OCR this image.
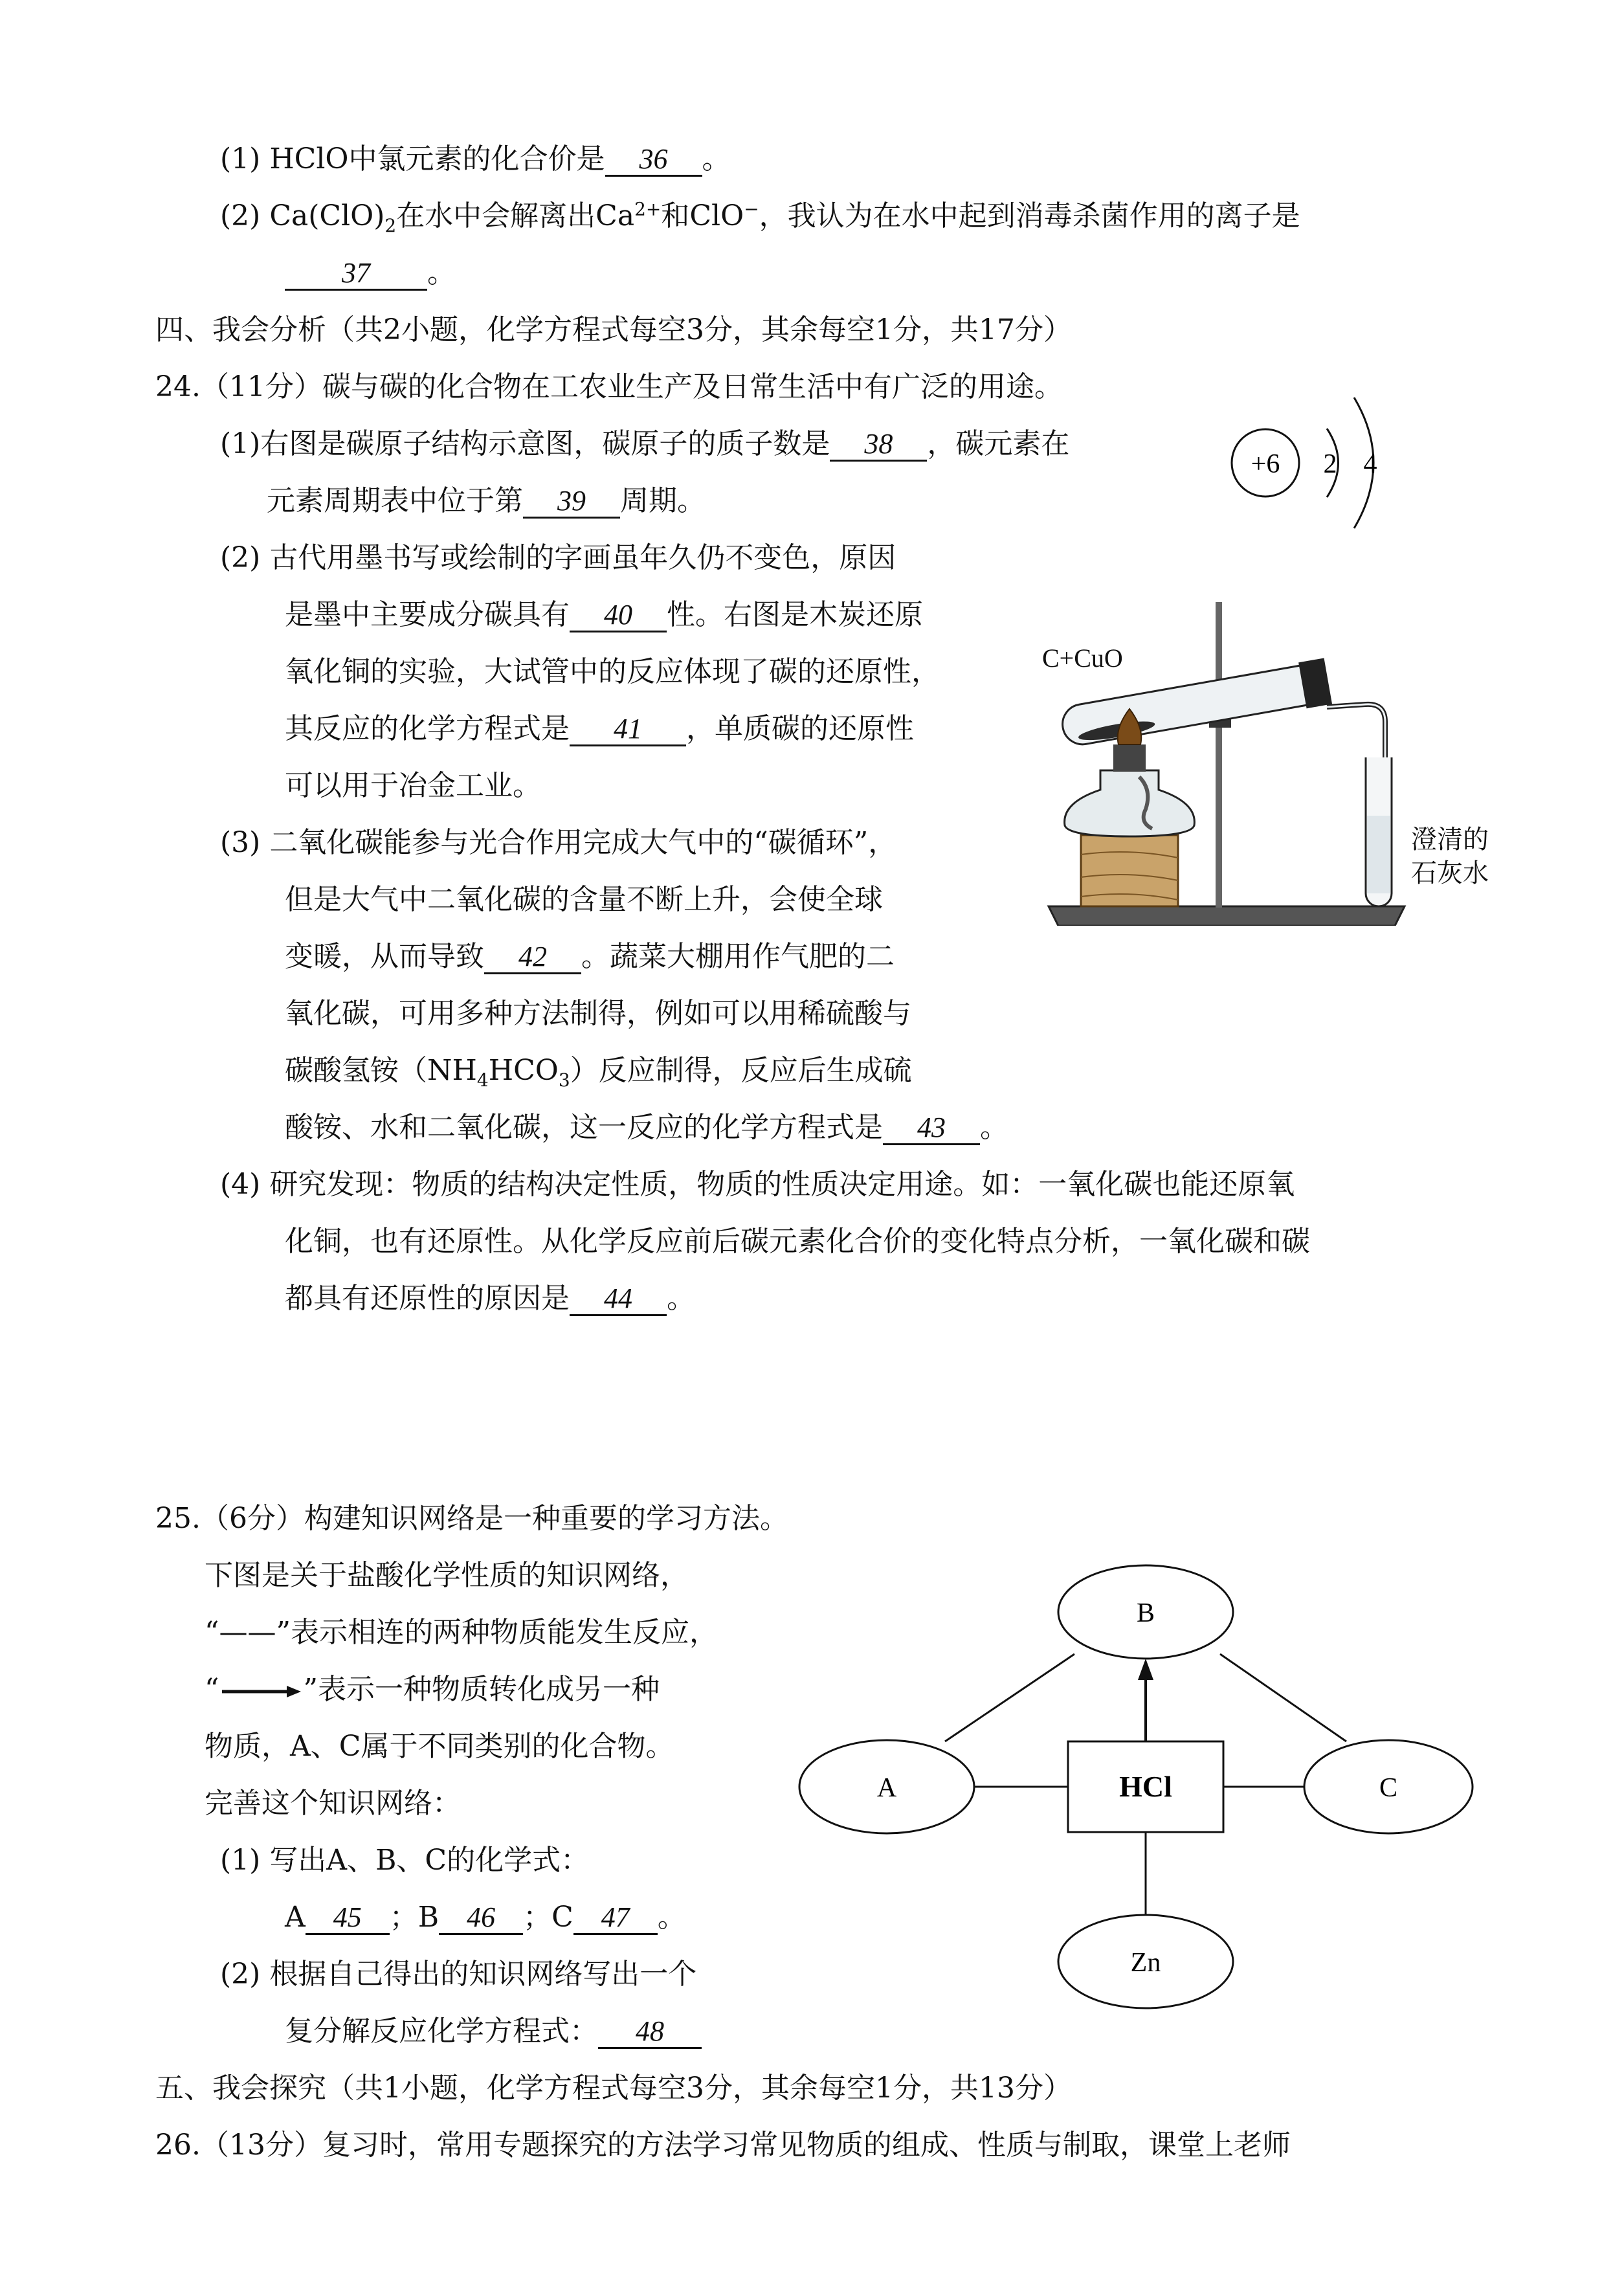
(1) HClO中氯元素的化合价是 36 。
(2) $Ca(ClO)_2$在水中会解离出$Ca^{2+}$和ClO−，我认为在水中起到消毒杀菌作用的离子是
37 。
四、我会分析（共2小题，化学方程式每空3分，其余每空1分，共17分）
24.（11分）碳与碳的化合物在工农业生产及日常生活中有广泛的用途。
(1)右图是碳原子结构示意图，碳原子的质子数是 38 ，碳元素在
元素周期表中位于第 39 周期。
+6 2 4
(2) 古代用墨书写或绘制的字画虽年久仍不变色，原因
是墨中主要成分碳具有 40 性。右图是木炭还原
氧化铜的实验，大试管中的反应体现了碳的还原性，
其反应的化学方程式是 41 ，单质碳的还原性
可以用于冶金工业。
C+CuO
澄清的
石灰水
(3) 二氧化碳能参与光合作用完成大气中的“碳循环”，
但是大气中二氧化碳的含量不断上升，会使全球
变暖，从而导致 42 。蔬菜大棚用作气肥的二
氧化碳，可用多种方法制得，例如可以用稀硫酸与
碳酸氢铵$(NH_4HCO_3)$反应制得，反应后生成硫
酸铵、水和二氧化碳，这一反应的化学方程式是 43 。
(4) 研究发现：物质的结构决定性质，物质的性质决定用途。如：一氧化碳也能还原氧
化铜，也有还原性。从化学反应前后碳元素化合价的变化特点分析，一氧化碳和碳
都具有还原性的原因是 44 。
25.（6分）构建知识网络是一种重要的学习方法。
下图是关于盐酸化学性质的知识网络，
“——”表示相连的两种物质能发生反应，
“	”表示一种物质转化成另一种
物质，A、C属于不同类别的化合物。
完善这个知识网络：
(1) 写出A、B、C的化学式：
A 45 ；B 46 ；C 47 。
(2) 根据自己得出的知识网络写出一个
复分解反应化学方程式： 48
B
A	C
HCl
Zn
五、我会探究（共1小题，化学方程式每空3分，其余每空1分，共13分）
26.（13分）复习时，常用专题探究的方法学习常见物质的组成、性质与制取，课堂上老师
